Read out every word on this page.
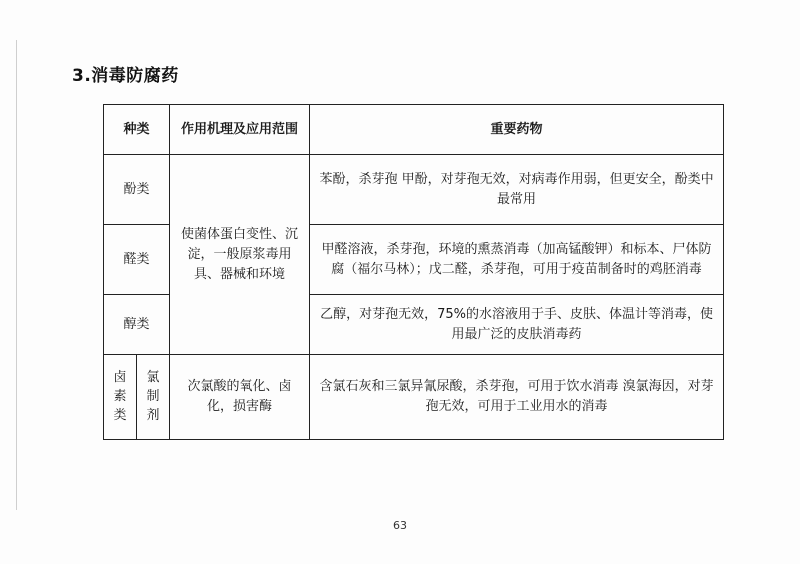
3.消毒防腐药
种类		作用机理及应用范围	重要药物
酚类		使菌体蛋白变性、沉淀，一般原浆毒用具、器械和环境	苯酚，杀芽孢 甲酚，对芽孢无效，对病毒作用弱，但更安全，酚类中最常用
醛类			甲醛溶液，杀芽孢，环境的熏蒸消毒（加高锰酸钾）和标本、尸体防腐（福尔马林）；戊二醛，杀芽孢，可用于疫苗制备时的鸡胚消毒
醇类			乙醇，对芽孢无效，75%的水溶液用于手、皮肤、体温计等消毒，使用最广泛的皮肤消毒药
卤素类	氯制剂	次氯酸的氧化、卤化，损害酶	含氯石灰和三氯异氰尿酸，杀芽孢，可用于饮水消毒 溴氯海因，对芽孢无效，可用于工业用水的消毒
63
